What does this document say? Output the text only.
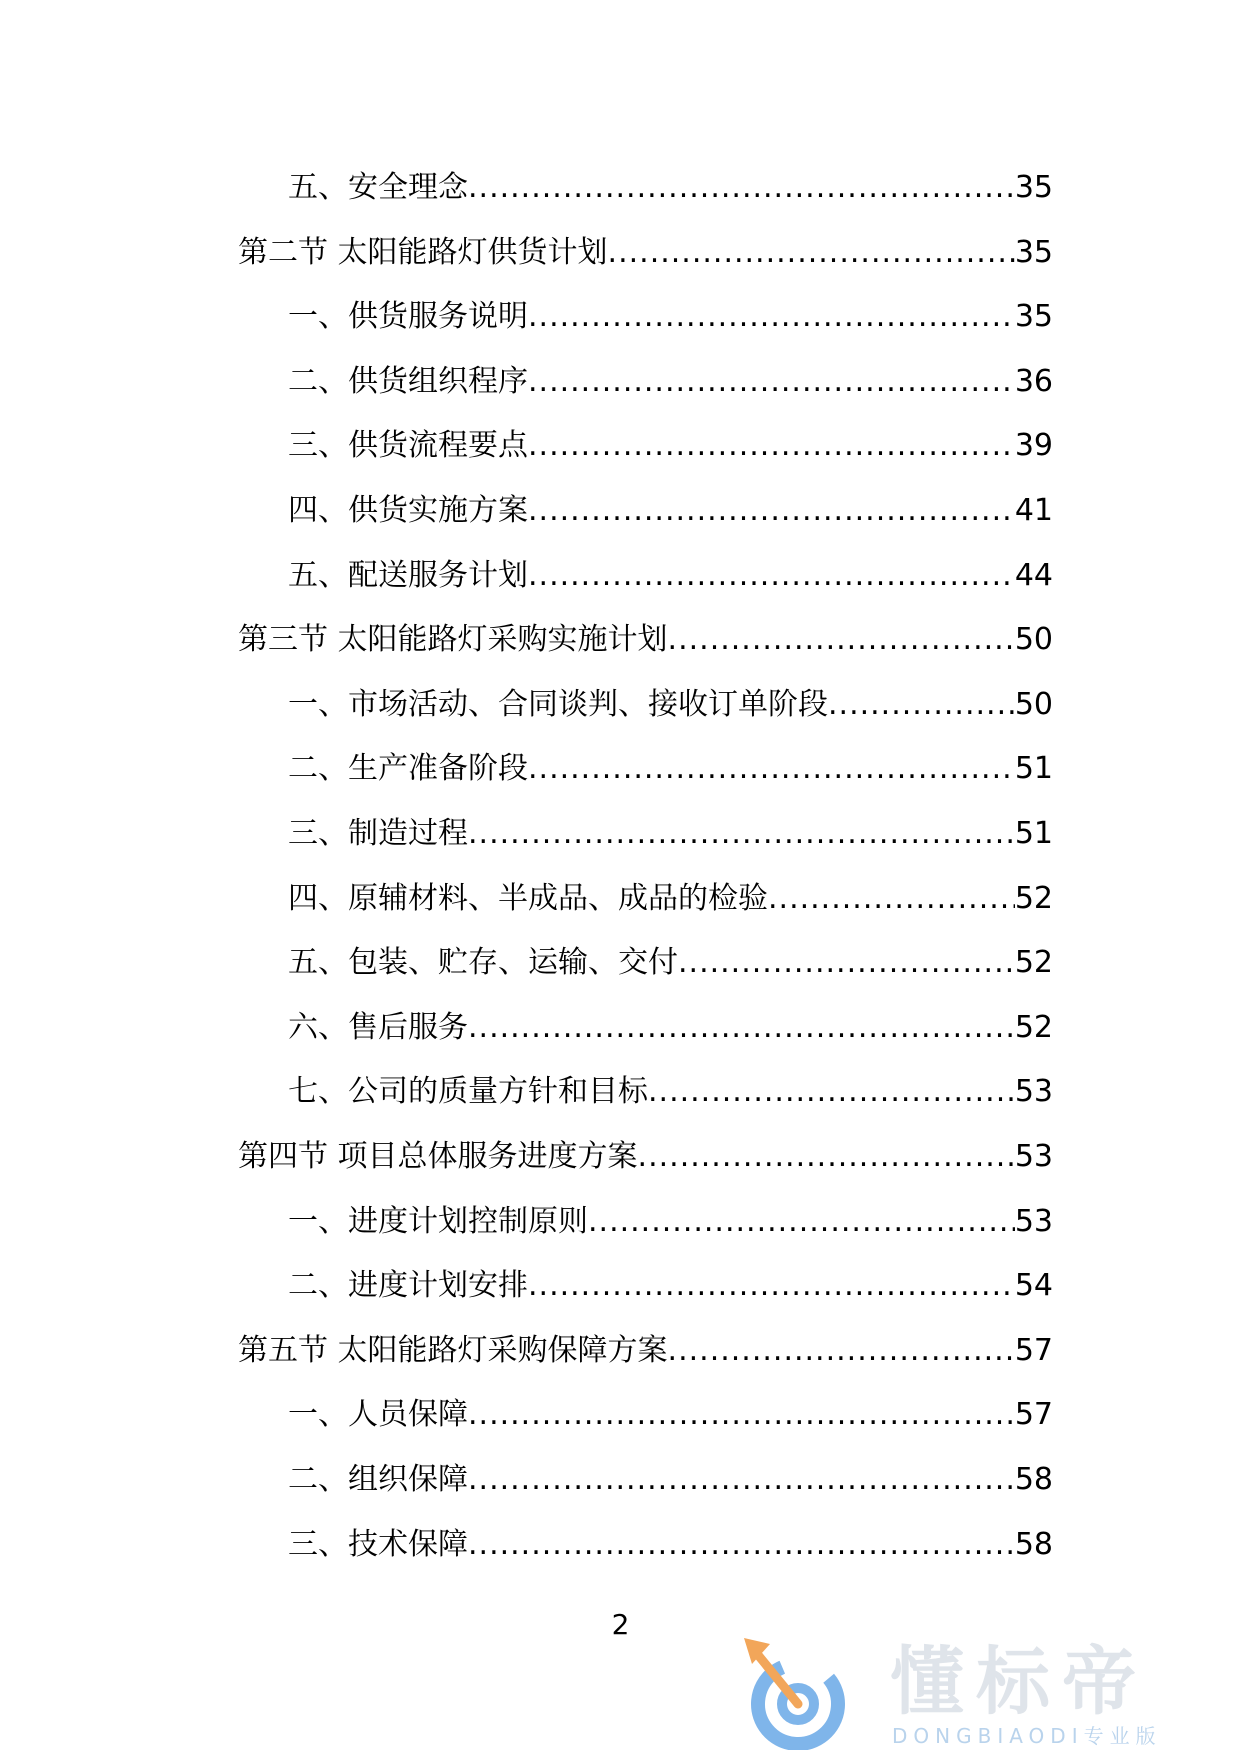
五、安全理念 .....	35
第二节 太阳能路灯供货计划 .....	35
一、供货服务说明 .....	35
二、供货组织程序 .....	36
三、供货流程要点 .....	39
四、供货实施方案 .....	41
五、配送服务计划 .....	44
第三节 太阳能路灯采购实施计划 .....	50
一、市场活动、合同谈判、接收订单阶段 .....	50
二、生产准备阶段 .....	51
三、制造过程 .....	51
四、原辅材料、半成品、成品的检验 .....	52
五、包装、贮存、运输、交付 .....	52
六、售后服务 .....	52
七、公司的质量方针和目标 .....	53
第四节 项目总体服务进度方案 .....	53
一、进度计划控制原则 .....	53
二、进度计划安排 .....	54
第五节 太阳能路灯采购保障方案 .....	57
一、人员保障 .....	57
二、组织保障 .....	58
三、技术保障 .....	58
2
懂标帝
DONGBIAODI专业版
